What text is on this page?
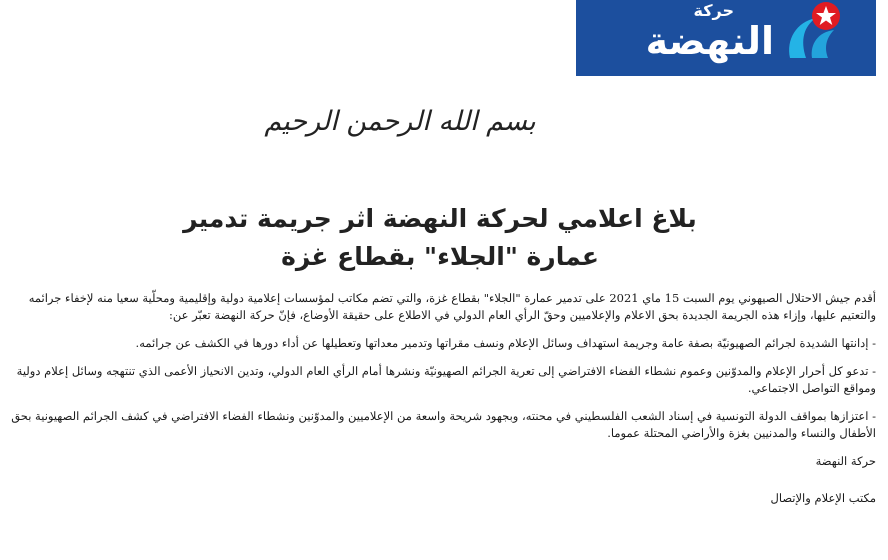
حركة
النهضة
بسم الله الرحمن الرحيم
بلاغ اعلامي لحركة النهضة اثر جريمة تدمير
عمارة "الجلاء" بقطاع غزة

أقدم جيش الاحتلال الصيهوني يوم السبت 15 ماي 2021 على تدمير عمارة "الجلاء" بقطاع غزة، والتي تضم مكاتب لمؤسسات إعلامية دولية وإقليمية ومحلّية سعيا منه لإخفاء جرائمه والتعتيم عليها، وإزاء هذه الجريمة الجديدة بحق الاعلام والإعلاميين وحقّ الرأي العام الدولي في الاطلاع على حقيقة الأوضاع، فإنّ حركة النهضة تعبّر عن:

- إدانتها الشديدة لجرائم الصهيونيّة بصفة عامة وجريمة استهداف وسائل الإعلام ونسف مقراتها وتدمير معداتها وتعطيلها عن أداء دورها في الكشف عن جرائمه.

- تدعو كل أحرار الإعلام والمدوّنين وعموم نشطاء الفضاء الافتراضي إلى تعرية الجرائم الصهيونيّة ونشرها أمام الرأي العام الدولي، وتدين الانحياز الأعمى الذي تنتهجه وسائل إعلام دولية ومواقع التواصل الاجتماعي.

- اعتزازها بمواقف الدولة التونسية في إسناد الشعب الفلسطيني في محنته، وبجهود شريحة واسعة من الإعلاميين والمدوّنين ونشطاء الفضاء الافتراضي في كشف الجرائم الصهيونية بحق الأطفال والنساء والمدنيين بغزة والأراضي المحتلة عموما.

حركة النهضة

مكتب الإعلام والإتصال
